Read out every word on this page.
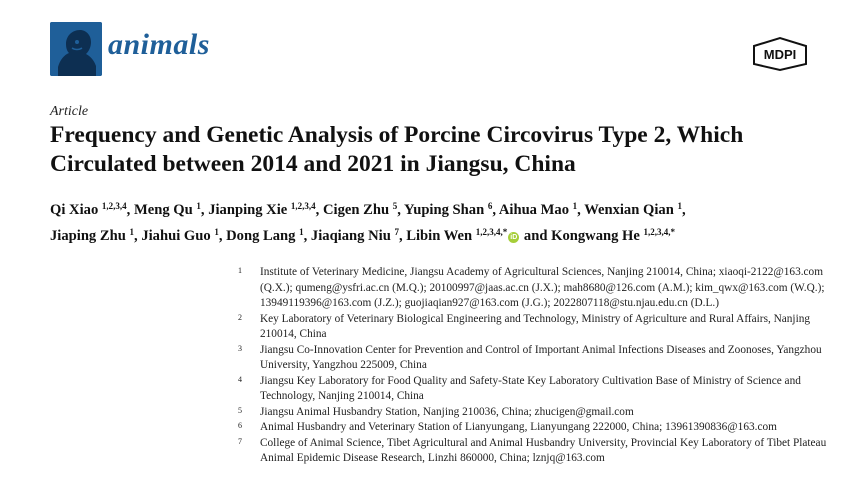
animals	MDPI
Article
Frequency and Genetic Analysis of Porcine Circovirus Type 2, Which Circulated between 2014 and 2021 in Jiangsu, China
Qi Xiao $^{1,2,3,4}$, Meng Qu $^1$, Jianping Xie $^{1,2,3,4}$, Cigen Zhu $^5$, Yuping Shan $^6$, Aihua Mao $^1$, Wenxian Qian $^1$,
Jiaping Zhu $^1$, Jiahui Guo $^1$, Dong Lang $^1$, Jiaqiang Niu $^7$, Libin Wen $^{1,2,3,4,*}$iD and Kongwang He $^{1,2,3,4,*}$
1 Institute of Veterinary Medicine, Jiangsu Academy of Agricultural Sciences, Nanjing 210014, China; xiaoqi-2122@163.com (Q.X.); qumeng@ysfri.ac.cn (M.Q.); 20100997@jaas.ac.cn (J.X.); mah8680@126.com (A.M.); kim_qwx@163.com (W.Q.); 13949119396@163.com (J.Z.); guojiaqian927@163.com (J.G.); 2022807118@stu.njau.edu.cn (D.L.)
2 Key Laboratory of Veterinary Biological Engineering and Technology, Ministry of Agriculture and Rural Affairs, Nanjing 210014, China
3 Jiangsu Co-Innovation Center for Prevention and Control of Important Animal Infections Diseases and Zoonoses, Yangzhou University, Yangzhou 225009, China
4 Jiangsu Key Laboratory for Food Quality and Safety-State Key Laboratory Cultivation Base of Ministry of Science and Technology, Nanjing 210014, China
5 Jiangsu Animal Husbandry Station, Nanjing 210036, China; zhucigen@gmail.com
6 Animal Husbandry and Veterinary Station of Lianyungang, Lianyungang 222000, China; 13961390836@163.com
7 College of Animal Science, Tibet Agricultural and Animal Husbandry University, Provincial Key Laboratory of Tibet Plateau Animal Epidemic Disease Research, Linzhi 860000, China; lznjq@163.com
